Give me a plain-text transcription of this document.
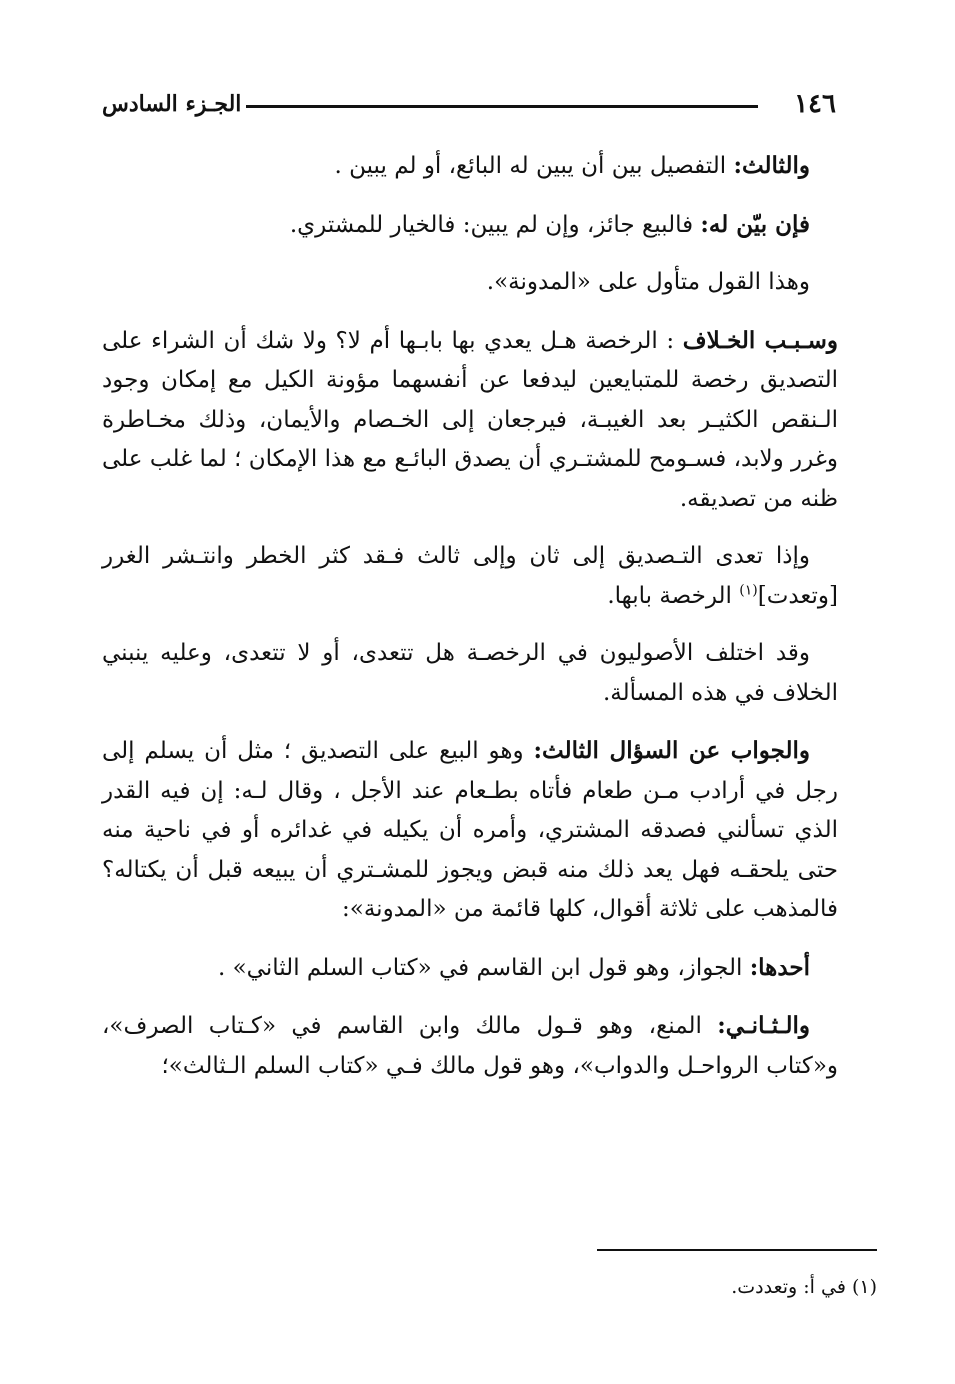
١٤٦
الجـزء السادس

والثالث: التفصيل بين أن يبين له البائع، أو لم يبين .

فإن بيّن له: فالبيع جائز، وإن لم يبين: فالخيار للمشتري.

وهذا القول متأول على «المدونة».

وسـبـب الخـلاف : الرخصة هـل يعدي بها بابـها أم لا؟ ولا شك أن الشراء على التصديق رخصة للمتبايعين ليدفعا عن أنفسهما مؤونة الكيل مع إمكان وجود الـنقص الكثيـر بعد الغيبـة، فيرجعان إلى الخـصام والأيمان، وذلك مخـاطرة وغرر ولابد، فسـومح للمشتـري أن يصدق البائـع مع هذا الإمكان ؛ لما غلب على ظنه من تصديقه.

وإذا تعدى التـصديق إلى ثان وإلى ثالث فـقد كثر الخطر وانتـشر الغرر [وتعدت]$^{(١)}$ الرخصة بابها.

وقد اختلف الأصوليون في الرخصـة هل تتعدى، أو لا تتعدى، وعليه ينبني الخلاف في هذه المسألة.

والجواب عن السؤال الثالث: وهو البيع على التصديق ؛ مثل أن يسلم إلى رجل في أرادب مـن طعام فأتاه بطـعام عند الأجل ، وقال لـه: إن فيه القدر الذي تسألني فصدقه المشتري، وأمره أن يكيله في غدائره أو في ناحية منه حتى يلحقـه فهل يعد ذلك منه قبض ويجوز للمشـتري أن يبيعه قبل أن يكتاله؟ فالمذهب على ثلاثة أقوال، كلها قائمة من «المدونة»:

أحدها: الجواز، وهو قول ابن القاسم في «كتاب السلم الثاني» .

والـثـانـي: المنع، وهو قـول مالك وابن القاسم في «كـتاب الصرف»، و«كتاب الرواحـل والدواب»، وهو قول مالك فـي «كتاب السلم الـثالث»؛

(١) في أ: وتعددت.
